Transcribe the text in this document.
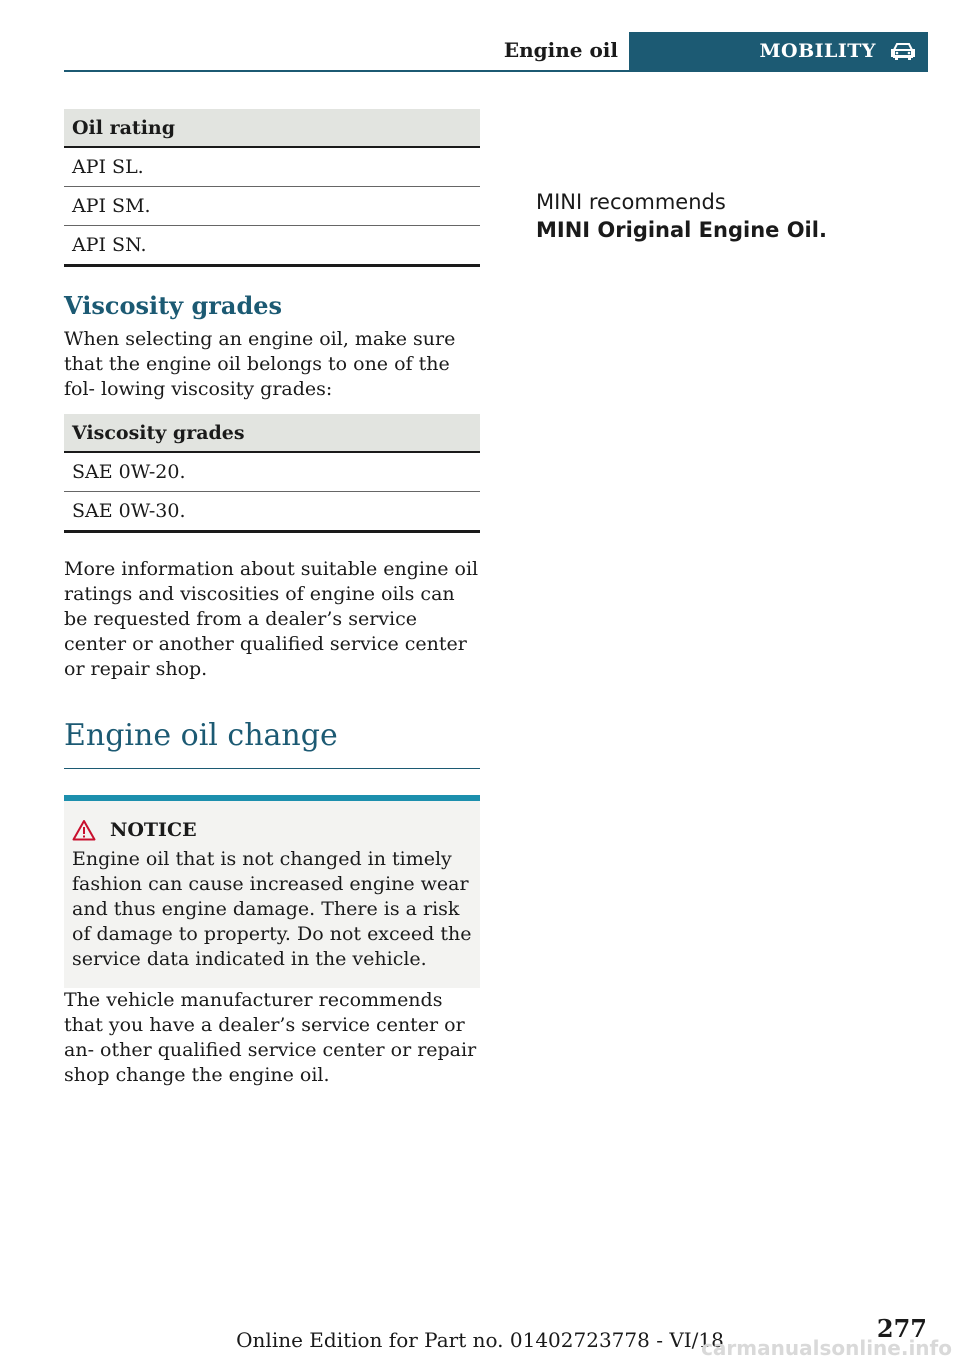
Engine oil	MOBILITY
Oil rating
API SL.
API SM.
API SN.
Viscosity grades

When selecting an engine oil, make sure that the engine oil belongs to one of the fol‐ lowing viscosity grades:

Viscosity grades
SAE 0W-20.
SAE 0W-30.

More information about suitable engine oil ratings and viscosities of engine oils can be requested from a dealer’s service center or another qualified service center or repair shop.

Engine oil change
NOTICE

Engine oil that is not changed in timely fashion can cause increased engine wear and thus engine damage. There is a risk of damage to property. Do not exceed the service data indicated in the vehicle.

The vehicle manufacturer recommends that you have a dealer’s service center or an‐ other qualified service center or repair shop change the engine oil.

MINI recommends
MINI Original Engine Oil.
277
Online Edition for Part no. 01402723778 - VI/18
carmanualsonline.info
